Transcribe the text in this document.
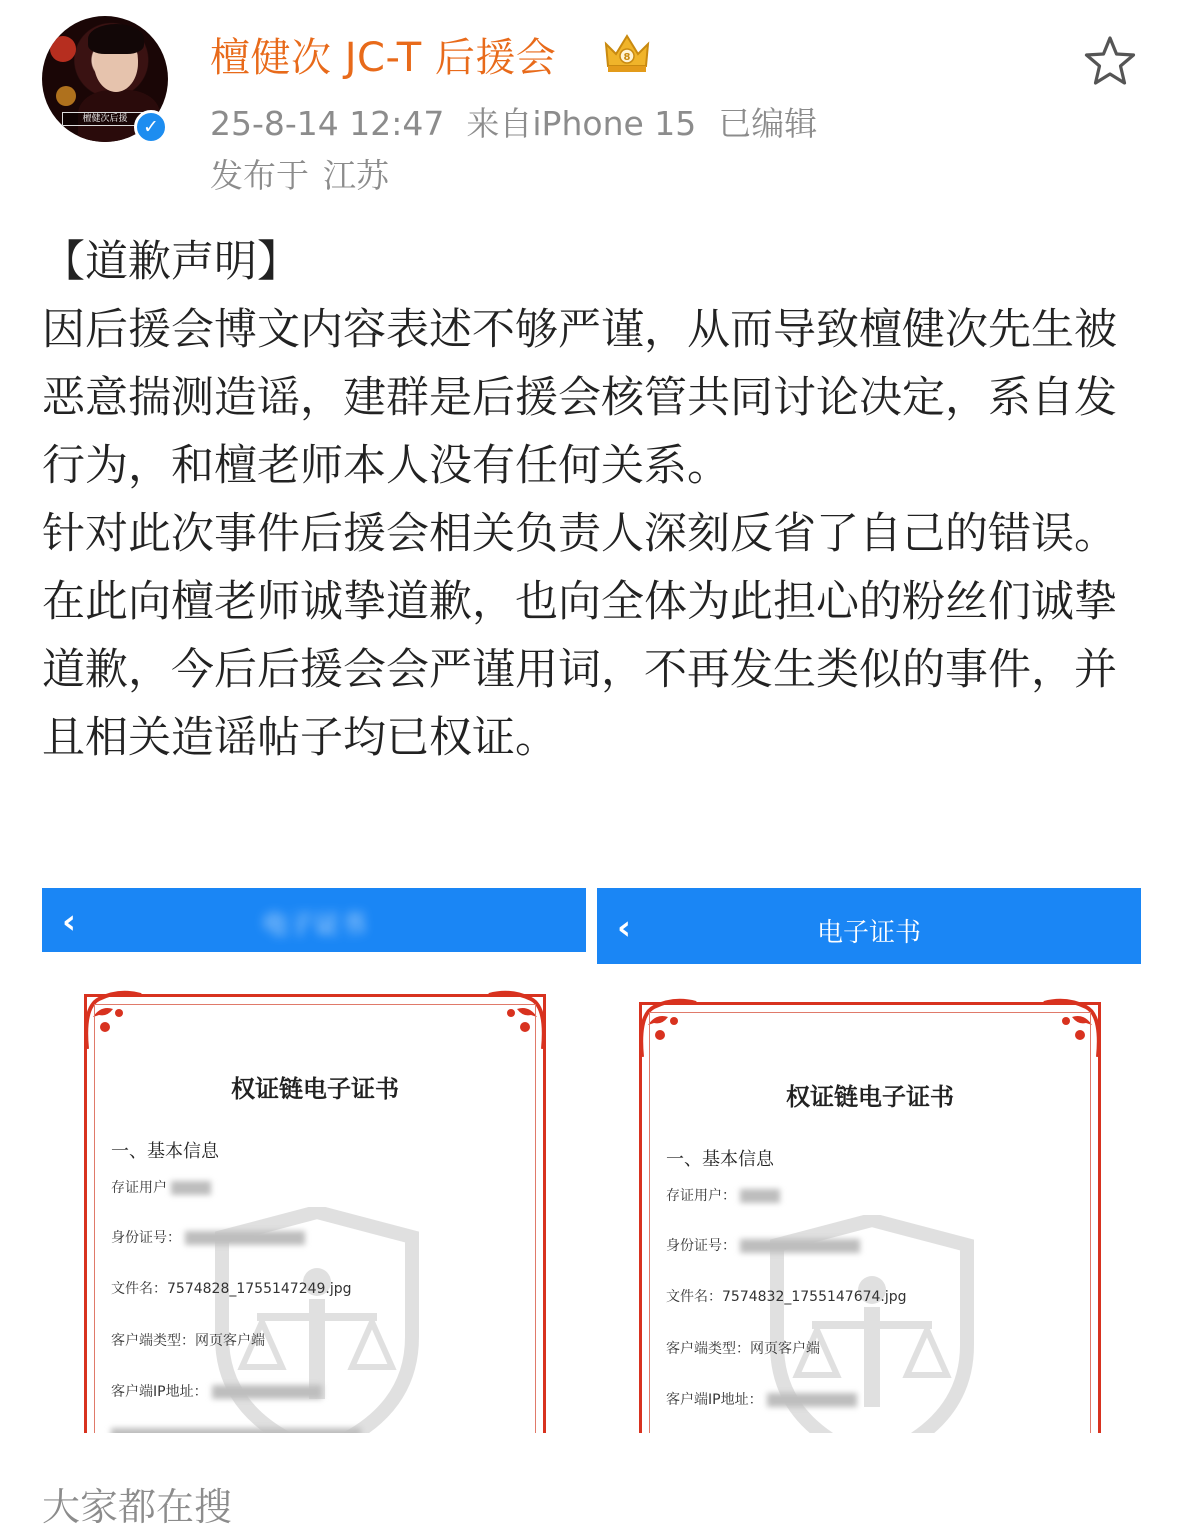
檀健次后援 ✓
檀健次 JC-T 后援会	8
25-8-14 12:47 来自iPhone 15 已编辑
发布于 江苏

【道歉声明】

因后援会博文内容表述不够严谨，从而导致檀健次先生被恶意揣测造谣，建群是后援会核管共同讨论决定，系自发行为，和檀老师本人没有任何关系。

针对此次事件后援会相关负责人深刻反省了自己的错误。

在此向檀老师诚挚道歉，也向全体为此担心的粉丝们诚挚道歉，今后后援会会严谨用词，不再发生类似的事件，并且相关造谣帖子均已权证。

‹	电子证书
权证链电子证书
一、基本信息
存证用户
身份证号：
文件名：7574828_1755147249.jpg
客户端类型：网页客户端
客户端IP地址：
‹	电子证书
权证链电子证书
一、基本信息
存证用户：
身份证号：
文件名：7574832_1755147674.jpg
客户端类型：网页客户端
客户端IP地址：
大家都在搜
